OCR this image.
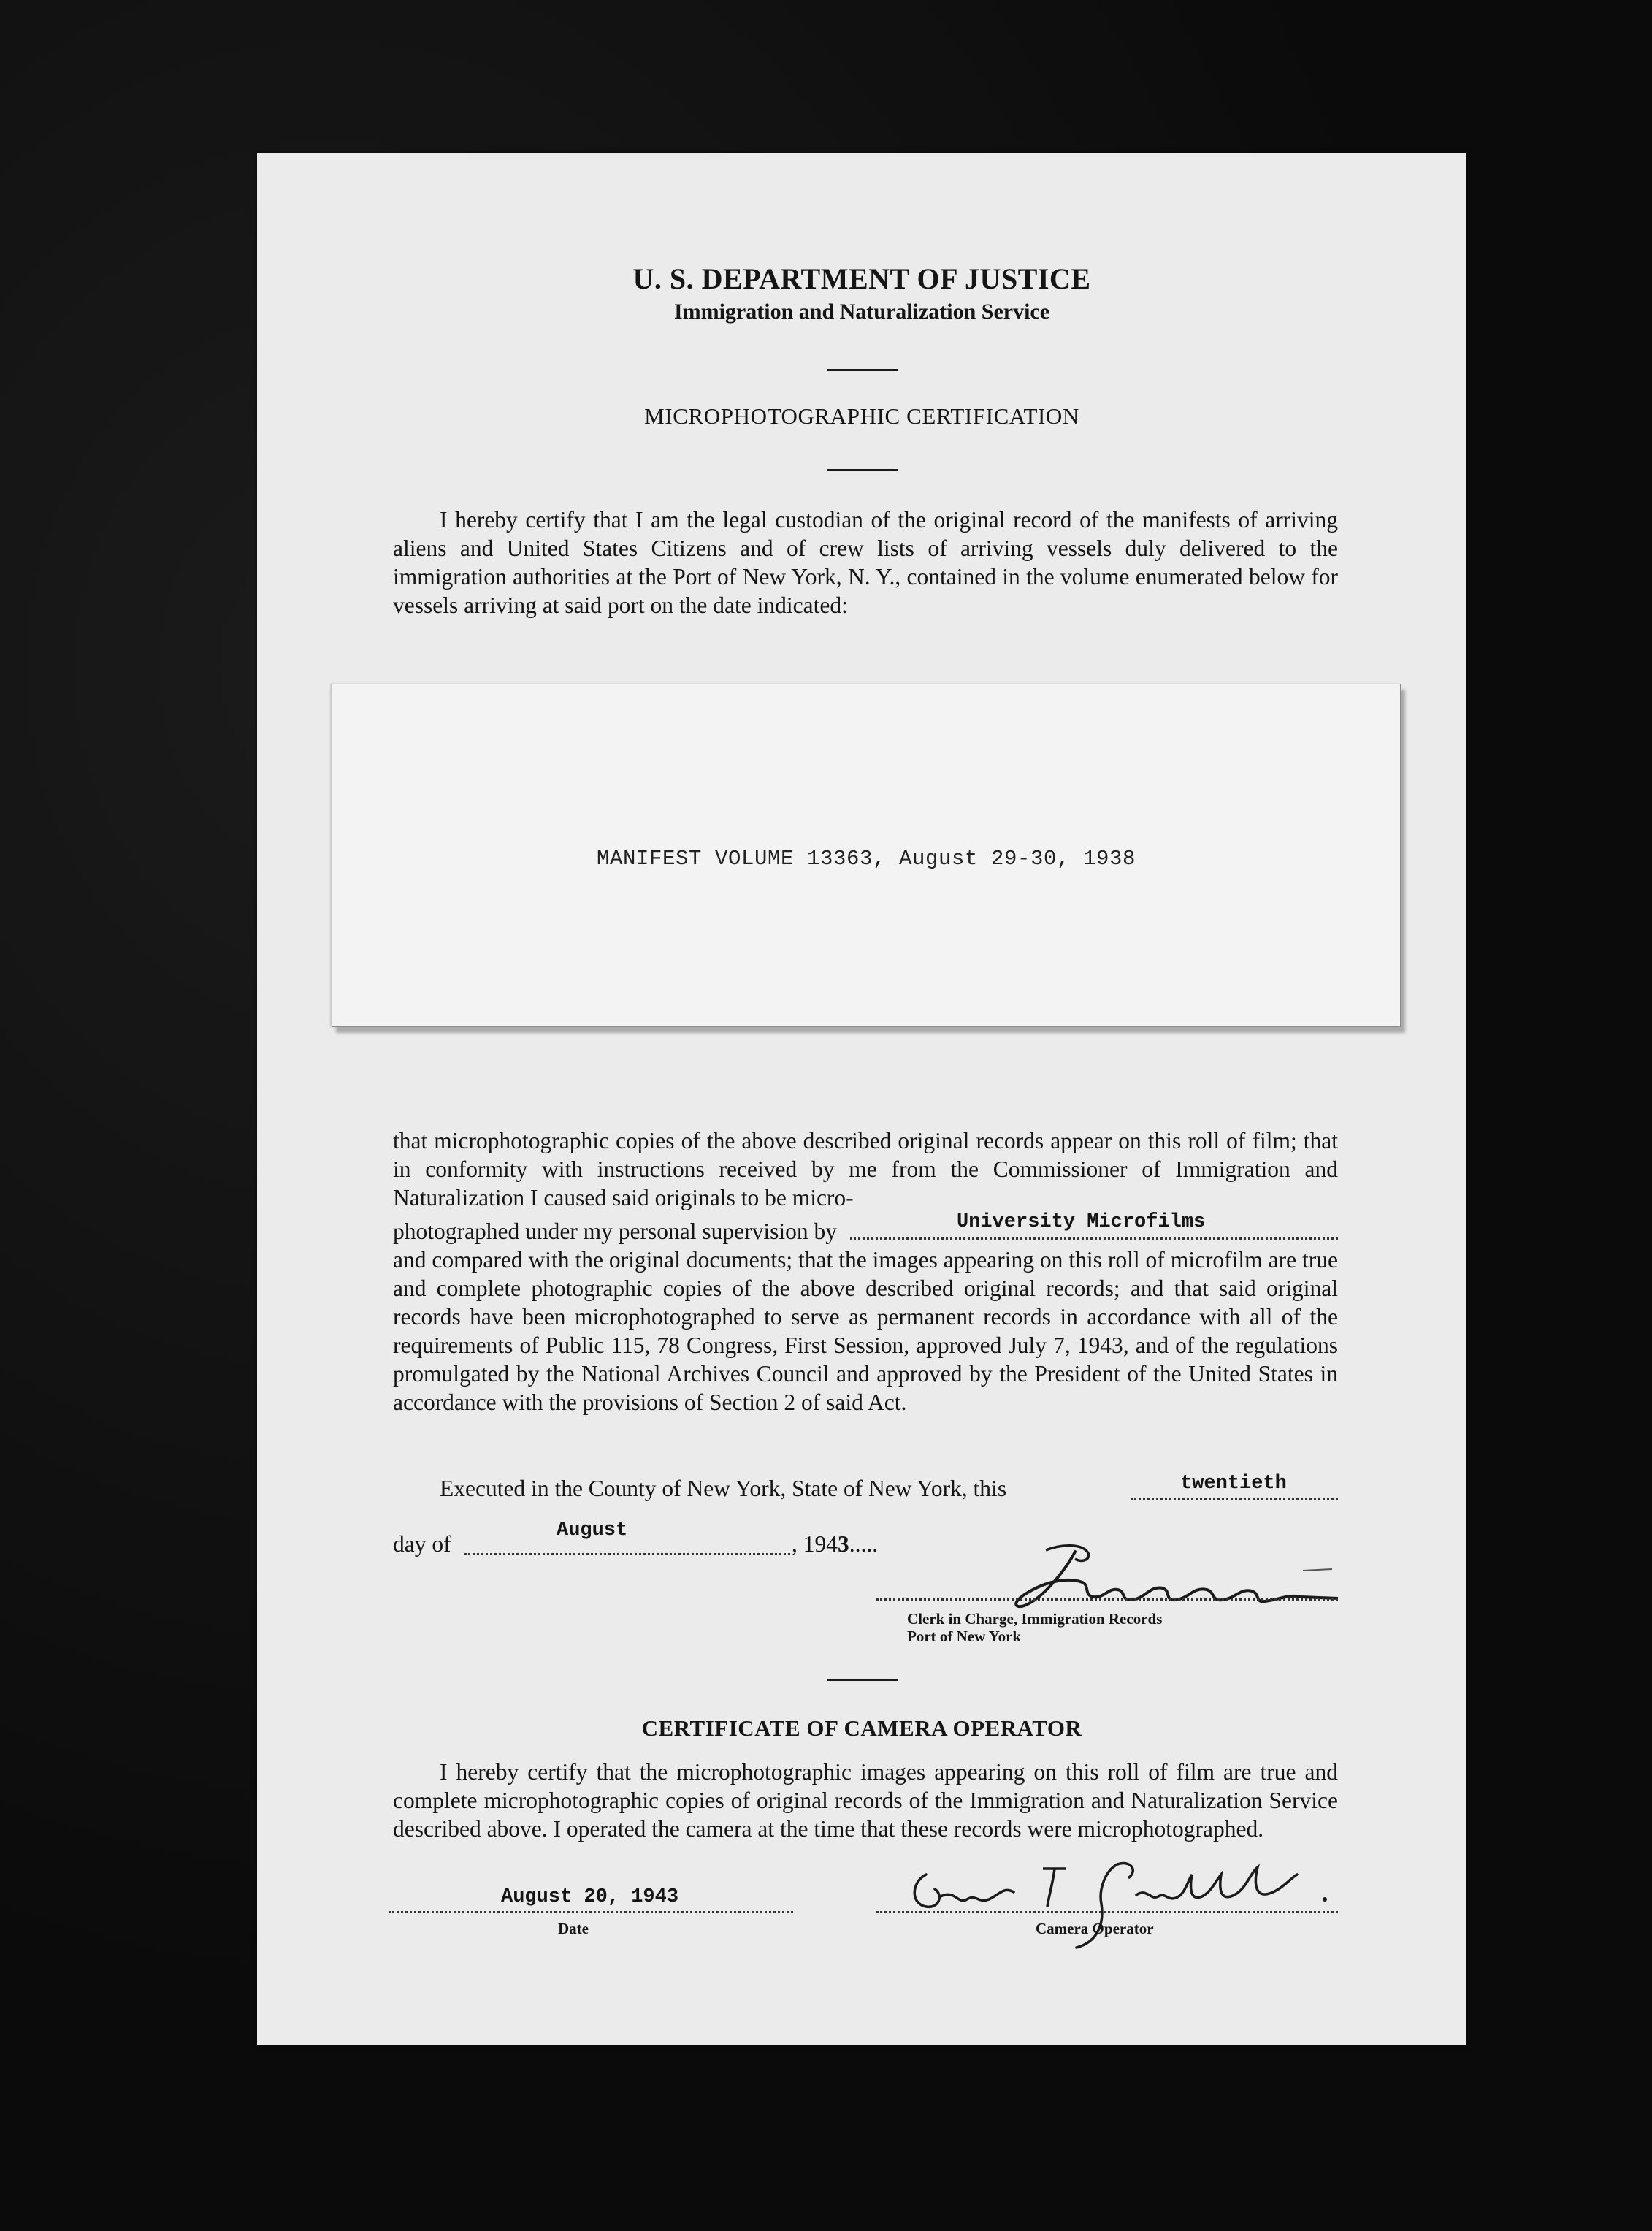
U. S. DEPARTMENT OF JUSTICE
Immigration and Naturalization Service
MICROPHOTOGRAPHIC CERTIFICATION
I hereby certify that I am the legal custodian of the original record of the manifests of arriving aliens and United States Citizens and of crew lists of arriving vessels duly delivered to the immigration authorities at the Port of New York, N. Y., contained in the volume enumerated below for vessels arriving at said port on the date indicated:
MANIFEST VOLUME 13363, August 29-30, 1938
that microphotographic copies of the above described original records appear on this roll of film; that in conformity with instructions received by me from the Commissioner of Immigration and Naturalization I caused said originals to be micro-
photographed under my personal supervision by	University Microfilms
and compared with the original documents; that the images appearing on this roll of microfilm are true and complete photographic copies of the above described original records; and that said original records have been microphotographed to serve as permanent records in accordance with all of the requirements of Public 115, 78 Congress, First Session, approved July 7, 1943, and of the regulations promulgated by the National Archives Council and approved by the President of the United States in accordance with the provisions of Section 2 of said Act.
Executed in the County of New York, State of New York, this	twentieth
day of
August
, 1943.....
Clerk in Charge, Immigration Records
Port of New York
CERTIFICATE OF CAMERA OPERATOR
I hereby certify that the microphotographic images appearing on this roll of film are true and complete microphotographic copies of original records of the Immigration and Naturalization Service described above. I operated the camera at the time that these records were microphotographed.
August 20, 1943
Date	Camera Operator
